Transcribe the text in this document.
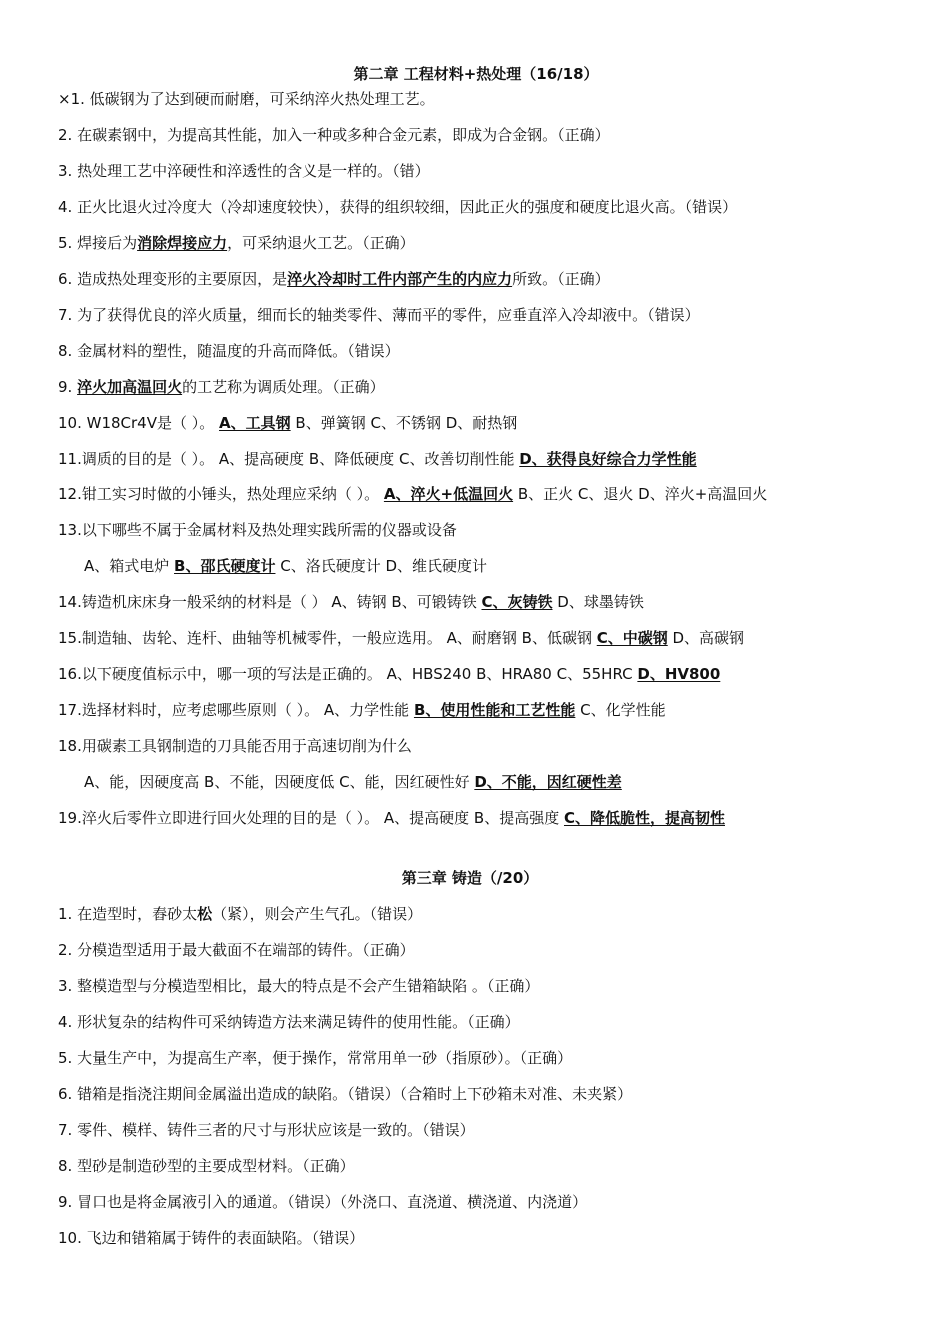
第二章 工程材料+热处理（16/18）
×1. 低碳钢为了达到硬而耐磨，可采纳淬火热处理工艺。
2. 在碳素钢中，为提高其性能，加入一种或多种合金元素，即成为合金钢。（正确）
3. 热处理工艺中淬硬性和淬透性的含义是一样的。（错）
4. 正火比退火过冷度大（冷却速度较快），获得的组织较细，因此正火的强度和硬度比退火高。（错误）
5. 焊接后为消除焊接应力，可采纳退火工艺。（正确）
6. 造成热处理变形的主要原因，是淬火冷却时工件内部产生的内应力所致。（正确）
7. 为了获得优良的淬火质量，细而长的轴类零件、薄而平的零件，应垂直淬入冷却液中。（错误）
8. 金属材料的塑性，随温度的升高而降低。（错误）
9. 淬火加高温回火的工艺称为调质处理。（正确）
10. W18Cr4V是（ ）。 A、工具钢 B、弹簧钢 C、不锈钢 D、耐热钢
11.调质的目的是（ ）。 A、提高硬度 B、降低硬度 C、改善切削性能 D、获得良好综合力学性能
12.钳工实习时做的小锤头，热处理应采纳（ ）。 A、淬火+低温回火 B、正火 C、退火 D、淬火+高温回火
13.以下哪些不属于金属材料及热处理实践所需的仪器或设备
A、箱式电炉 B、邵氏硬度计 C、洛氏硬度计 D、维氏硬度计
14.铸造机床床身一般采纳的材料是（ ） A、铸钢 B、可锻铸铁 C、灰铸铁 D、球墨铸铁
15.制造轴、齿轮、连杆、曲轴等机械零件，一般应选用。 A、耐磨钢 B、低碳钢 C、中碳钢 D、高碳钢
16.以下硬度值标示中，哪一项的写法是正确的。 A、HBS240 B、HRA80 C、55HRC D、HV800
17.选择材料时，应考虑哪些原则（ ）。 A、力学性能 B、使用性能和工艺性能 C、化学性能
18.用碳素工具钢制造的刀具能否用于高速切削为什么
A、能，因硬度高 B、不能，因硬度低 C、能，因红硬性好 D、不能，因红硬性差
19.淬火后零件立即进行回火处理的目的是（ ）。 A、提高硬度 B、提高强度 C、降低脆性，提高韧性
第三章 铸造（/20）
1. 在造型时，舂砂太松（紧），则会产生气孔。（错误）
2. 分模造型适用于最大截面不在端部的铸件。（正确）
3. 整模造型与分模造型相比，最大的特点是不会产生错箱缺陷 。（正确）
4. 形状复杂的结构件可采纳铸造方法来满足铸件的使用性能。（正确）
5. 大量生产中，为提高生产率，便于操作，常常用单一砂（指原砂）。（正确）
6. 错箱是指浇注期间金属溢出造成的缺陷。（错误）（合箱时上下砂箱未对准、未夹紧）
7. 零件、模样、铸件三者的尺寸与形状应该是一致的。（错误）
8. 型砂是制造砂型的主要成型材料。（正确）
9. 冒口也是将金属液引入的通道。（错误）（外浇口、直浇道、横浇道、内浇道）
10. 飞边和错箱属于铸件的表面缺陷。（错误）
